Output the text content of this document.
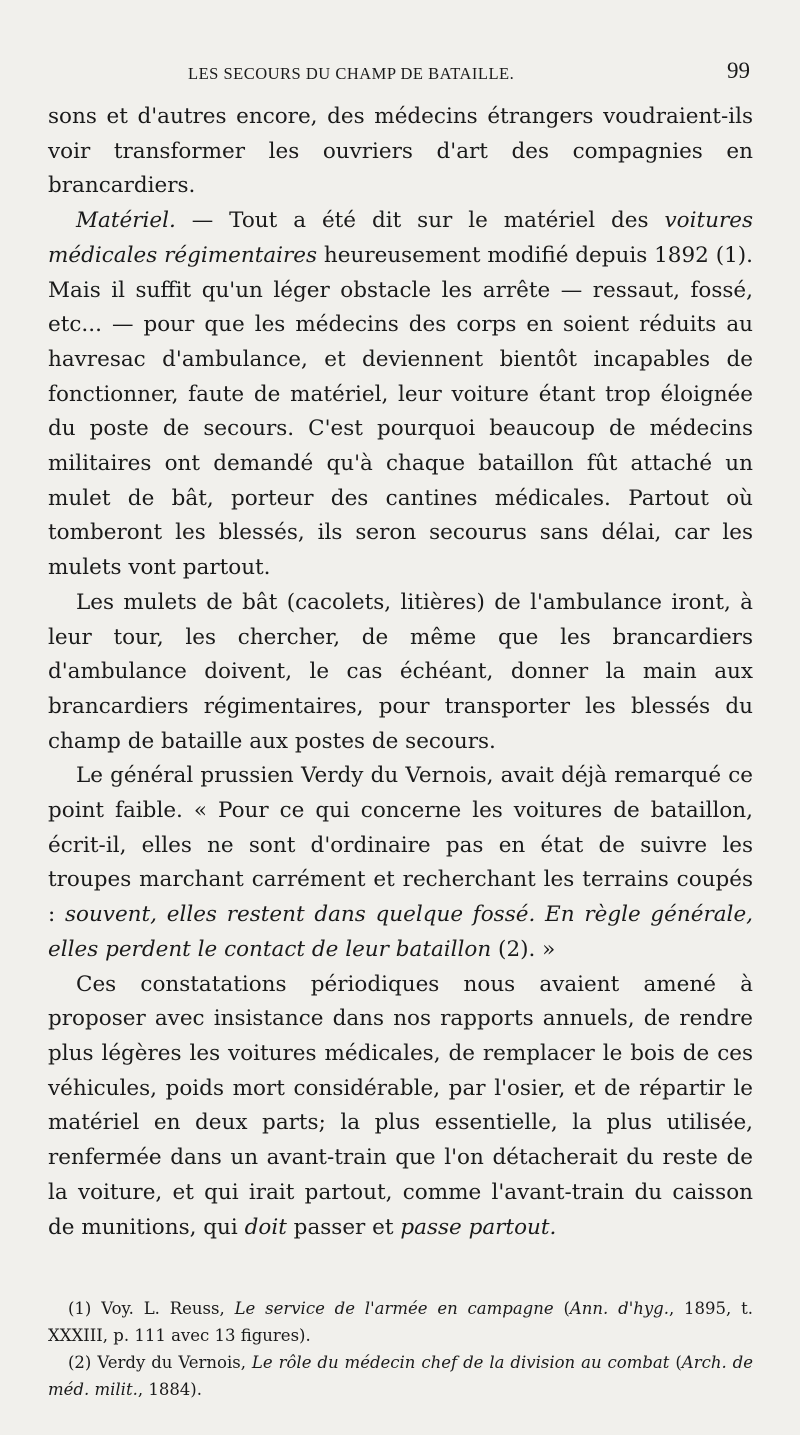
LES SECOURS DU CHAMP DE BATAILLE.	99

sons et d'autres encore, des médecins étrangers voudraient-ils voir transformer les ouvriers d'art des compagnies en brancardiers.

Matériel. — Tout a été dit sur le matériel des voitures médicales régimentaires heureusement modifié depuis 1892 (1). Mais il suffit qu'un léger obstacle les arrête — ressaut, fossé, etc... — pour que les médecins des corps en soient réduits au havresac d'ambulance, et deviennent bientôt incapables de fonctionner, faute de matériel, leur voiture étant trop éloignée du poste de secours. C'est pourquoi beaucoup de médecins militaires ont demandé qu'à chaque bataillon fût attaché un mulet de bât, porteur des cantines médicales. Partout où tomberont les blessés, ils seron secourus sans délai, car les mulets vont partout.

Les mulets de bât (cacolets, litières) de l'ambulance iront, à leur tour, les chercher, de même que les brancardiers d'ambulance doivent, le cas échéant, donner la main aux brancardiers régimentaires, pour transporter les blessés du champ de bataille aux postes de secours.

Le général prussien Verdy du Vernois, avait déjà remarqué ce point faible. « Pour ce qui concerne les voitures de bataillon, écrit-il, elles ne sont d'ordinaire pas en état de suivre les troupes marchant carrément et recherchant les terrains coupés : souvent, elles restent dans quelque fossé. En règle générale, elles perdent le contact de leur bataillon (2). »

Ces constatations périodiques nous avaient amené à proposer avec insistance dans nos rapports annuels, de rendre plus légères les voitures médicales, de remplacer le bois de ces véhicules, poids mort considérable, par l'osier, et de répartir le matériel en deux parts; la plus essentielle, la plus utilisée, renfermée dans un avant-train que l'on détacherait du reste de la voiture, et qui irait partout, comme l'avant-train du caisson de munitions, qui doit passer et passe partout.

(1) Voy. L. Reuss, Le service de l'armée en campagne (Ann. d'hyg., 1895, t. XXXIII, p. 111 avec 13 figures).

(2) Verdy du Vernois, Le rôle du médecin chef de la division au combat (Arch. de méd. milit., 1884).
